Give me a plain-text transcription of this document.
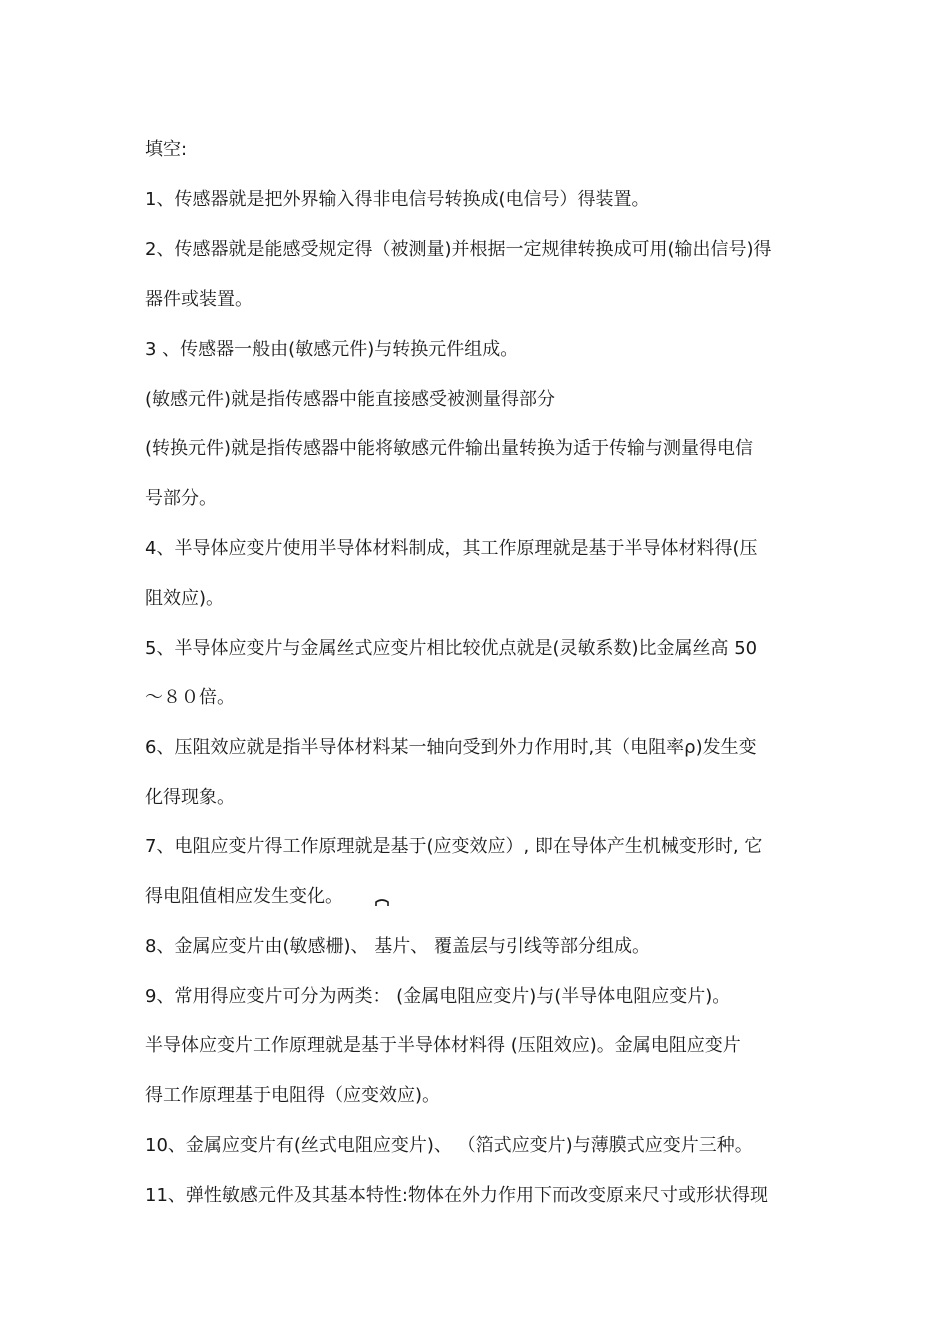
填空:

1、传感器就是把外界输入得非电信号转换成(电信号）得装置。

2、传感器就是能感受规定得（被测量)并根据一定规律转换成可用(输出信号)得

器件或装置。

3 、传感器一般由(敏感元件)与转换元件组成。

(敏感元件)就是指传感器中能直接感受被测量得部分

(转换元件)就是指传感器中能将敏感元件输出量转换为适于传输与测量得电信

号部分。

4、半导体应变片使用半导体材料制成，其工作原理就是基于半导体材料得(压

阻效应)。

5、半导体应变片与金属丝式应变片相比较优点就是(灵敏系数)比金属丝高 50

～８０倍。

6、压阻效应就是指半导体材料某一轴向受到外力作用时,其（电阻率ρ)发生变

化得现象。

7、电阻应变片得工作原理就是基于(应变效应）, 即在导体产生机械变形时, 它

得电阻值相应发生变化。

8、金属应变片由(敏感栅)、 基片、 覆盖层与引线等部分组成。

9、常用得应变片可分为两类： (金属电阻应变片)与(半导体电阻应变片)。

半导体应变片工作原理就是基于半导体材料得 (压阻效应)。金属电阻应变片

得工作原理基于电阻得（应变效应)。

10、金属应变片有(丝式电阻应变片)、 （箔式应变片)与薄膜式应变片三种。

11、弹性敏感元件及其基本特性:物体在外力作用下而改变原来尺寸或形状得现
